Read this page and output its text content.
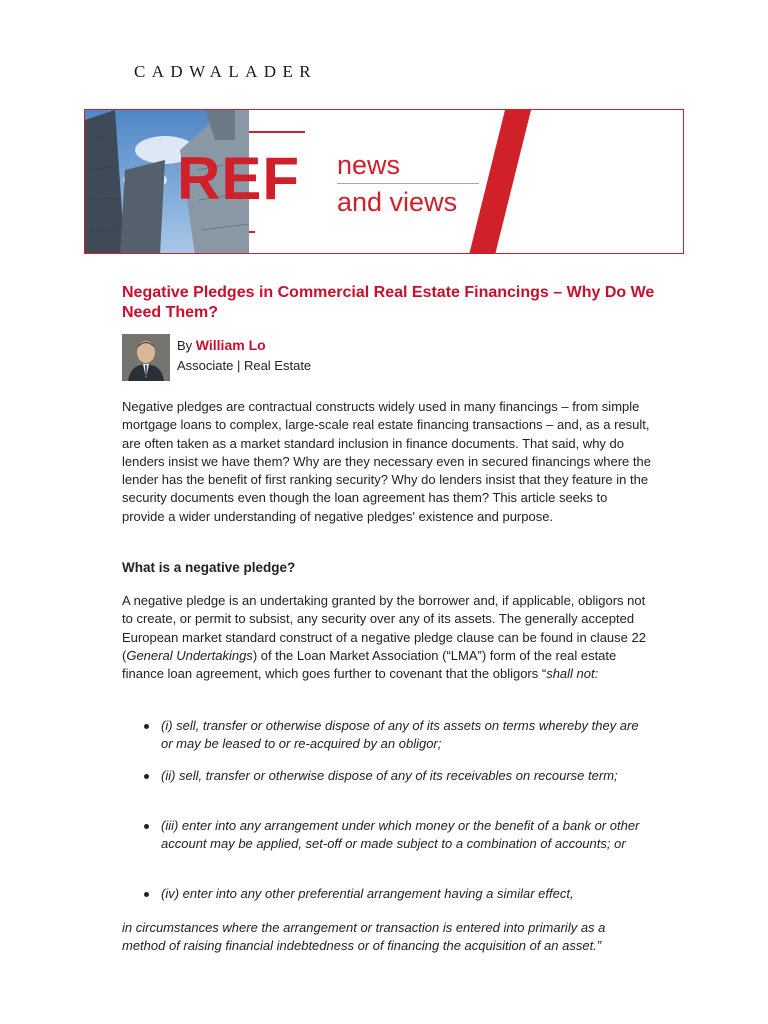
CADWALADER
REF news
and views
Negative Pledges in Commercial Real Estate Financings – Why Do We Need Them?
By William Lo
Associate | Real Estate

Negative pledges are contractual constructs widely used in many financings – from simple mortgage loans to complex, large-scale real estate financing transactions – and, as a result, are often taken as a market standard inclusion in finance documents. That said, why do lenders insist we have them? Why are they necessary even in secured financings where the lender has the benefit of first ranking security? Why do lenders insist that they feature in the security documents even though the loan agreement has them? This article seeks to provide a wider understanding of negative pledges' existence and purpose.

What is a negative pledge?

A negative pledge is an undertaking granted by the borrower and, if applicable, obligors not to create, or permit to subsist, any security over any of its assets. The generally accepted European market standard construct of a negative pledge clause can be found in clause 22 (General Undertakings) of the Loan Market Association (“LMA”) form of the real estate finance loan agreement, which goes further to covenant that the obligors “shall not:

(i) sell, transfer or otherwise dispose of any of its assets on terms whereby they are or may be leased to or re-acquired by an obligor;
(ii) sell, transfer or otherwise dispose of any of its receivables on recourse term;
(iii) enter into any arrangement under which money or the benefit of a bank or other account may be applied, set-off or made subject to a combination of accounts; or
(iv) enter into any other preferential arrangement having a similar effect,

in circumstances where the arrangement or transaction is entered into primarily as a method of raising financial indebtedness or of financing the acquisition of an asset.”
